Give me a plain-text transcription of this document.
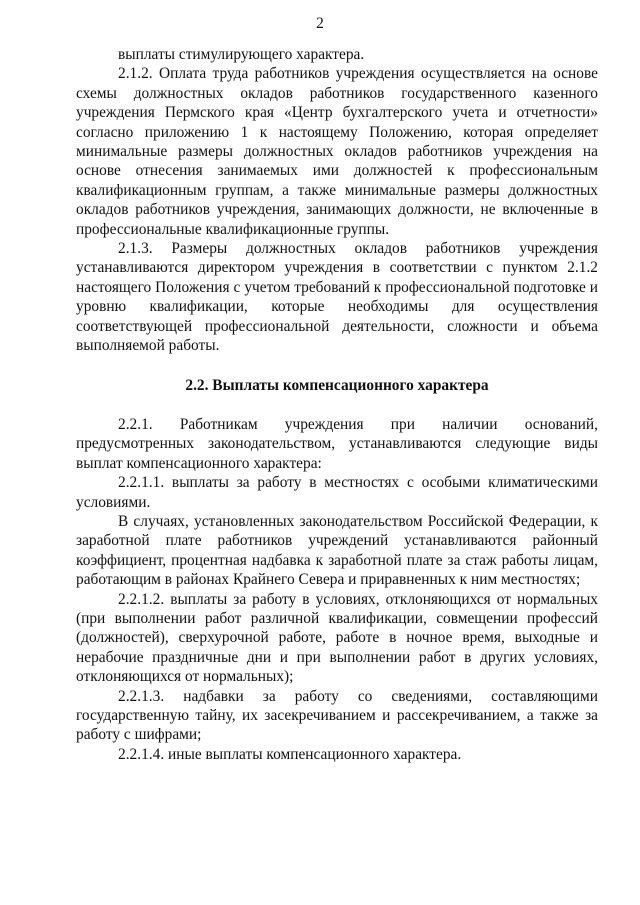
2

выплаты стимулирующего характера.

2.1.2. Оплата труда работников учреждения осуществляется на основе схемы должностных окладов работников государственного казенного учреждения Пермского края «Центр бухгалтерского учета и отчетности» согласно приложению 1 к настоящему Положению, которая определяет минимальные размеры должностных окладов работников учреждения на основе отнесения занимаемых ими должностей к профессиональным квалификационным группам, а также минимальные размеры должностных окладов работников учреждения, занимающих должности, не включенные в профессиональные квалификационные группы.

2.1.3. Размеры должностных окладов работников учреждения устанавливаются директором учреждения в соответствии с пунктом 2.1.2 настоящего Положения с учетом требований к профессиональной подготовке и уровню квалификации, которые необходимы для осуществления соответствующей профессиональной деятельности, сложности и объема выполняемой работы.

2.2. Выплаты компенсационного характера

2.2.1. Работникам учреждения при наличии оснований, предусмотренных законодательством, устанавливаются следующие виды выплат компенсационного характера:

2.2.1.1. выплаты за работу в местностях с особыми климатическими условиями.

В случаях, установленных законодательством Российской Федерации, к заработной плате работников учреждений устанавливаются районный коэффициент, процентная надбавка к заработной плате за стаж работы лицам, работающим в районах Крайнего Севера и приравненных к ним местностях;

2.2.1.2. выплаты за работу в условиях, отклоняющихся от нормальных (при выполнении работ различной квалификации, совмещении профессий (должностей), сверхурочной работе, работе в ночное время, выходные и нерабочие праздничные дни и при выполнении работ в других условиях, отклоняющихся от нормальных);

2.2.1.3. надбавки за работу со сведениями, составляющими государственную тайну, их засекречиванием и рассекречиванием, а также за работу с шифрами;

2.2.1.4. иные выплаты компенсационного характера.
